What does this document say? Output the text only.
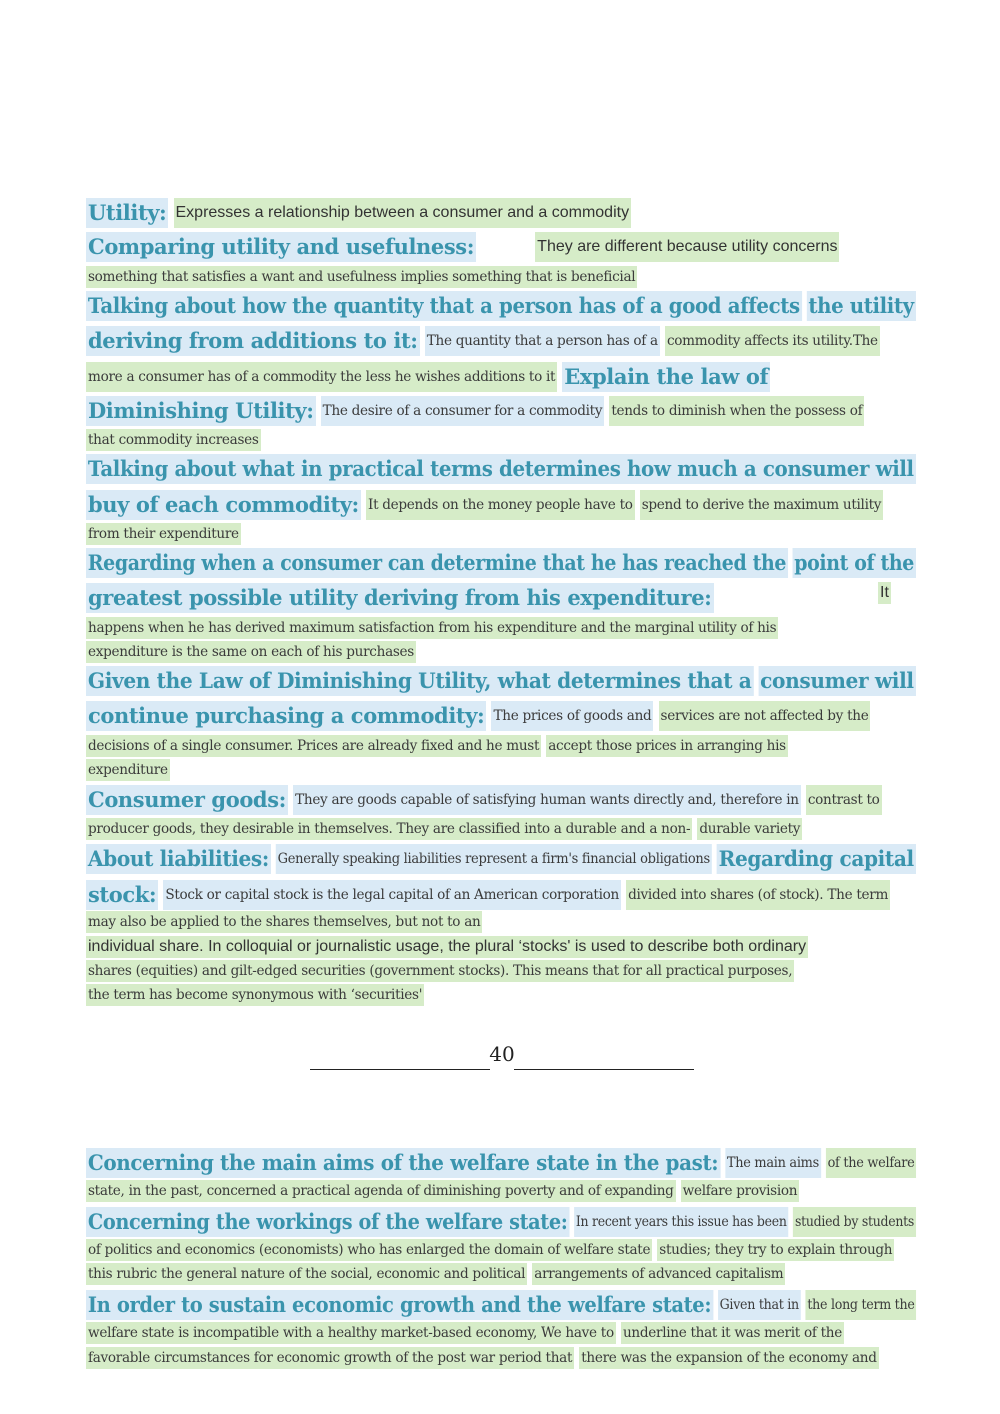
Utility: Expresses a relationship between a consumer and a commodity
Comparing utility and usefulness:	They are different because utility concerns
something that satisfies a want and usefulness implies something that is beneficial
Talking about how the quantity that a person has of a good affects the utility
deriving from additions to it: The quantity that a person has of a commodity affects its utility.The
more a consumer has of a commodity the less he wishes additions to it Explain the law of
Diminishing Utility: The desire of a consumer for a commodity tends to diminish when the possess of
that commodity increases
Talking about what in practical terms determines how much a consumer will
buy of each commodity: It depends on the money people have to spend to derive the maximum utility
from their expenditure
Regarding when a consumer can determine that he has reached the point of the
greatest possible utility deriving from his expenditure:	It
happens when he has derived maximum satisfaction from his expenditure and the marginal utility of his
expenditure is the same on each of his purchases
Given the Law of Diminishing Utility, what determines that a consumer will
continue purchasing a commodity: The prices of goods and services are not affected by the
decisions of a single consumer. Prices are already fixed and he must accept those prices in arranging his
expenditure
Consumer goods: They are goods capable of satisfying human wants directly and, therefore in contrast to
producer goods, they desirable in themselves. They are classified into a durable and a non- durable variety
About liabilities: Generally speaking liabilities represent a firm's financial obligations Regarding capital
stock: Stock or capital stock is the legal capital of an American corporation divided into shares (of stock). The term
may also be applied to the shares themselves, but not to an
individual share. In colloquial or journalistic usage, the plural ‘stocks' is used to describe both ordinary
shares (equities) and gilt-edged securities (government stocks). This means that for all practical purposes,
the term has become synonymous with ‘securities'
40
Concerning the main aims of the welfare state in the past: The main aims of the welfare
state, in the past, concerned a practical agenda of diminishing poverty and of expanding welfare provision
Concerning the workings of the welfare state: In recent years this issue has been studied by students
of politics and economics (economists) who has enlarged the domain of welfare state studies; they try to explain through
this rubric the general nature of the social, economic and political arrangements of advanced capitalism
In order to sustain economic growth and the welfare state: Given that in the long term the
welfare state is incompatible with a healthy market-based economy, We have to underline that it was merit of the
favorable circumstances for economic growth of the post war period that there was the expansion of the economy and
